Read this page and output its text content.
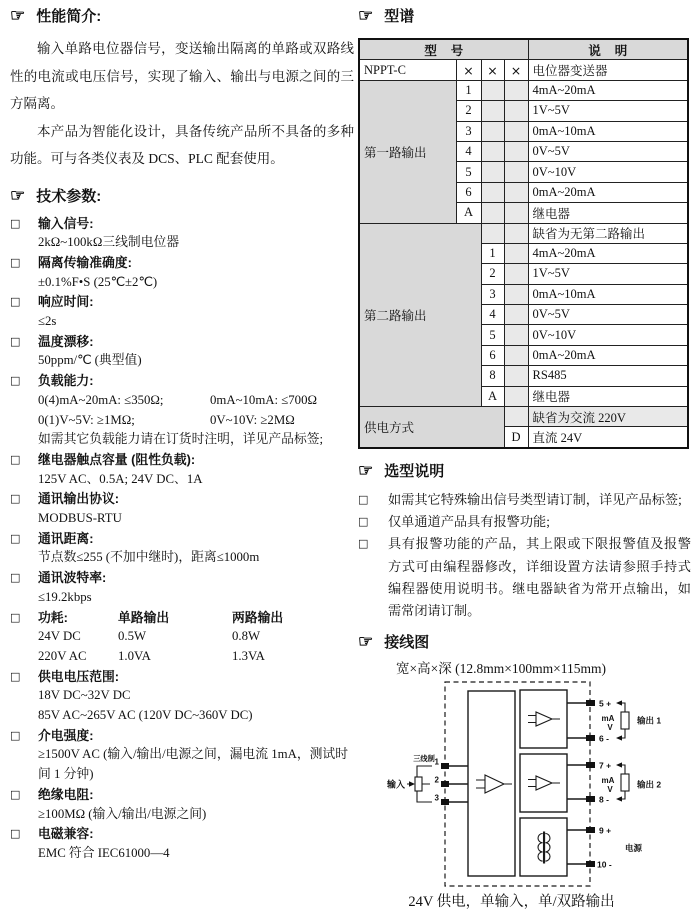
☞ 性能简介:

输入单路电位器信号，变送输出隔离的单路或双路线性的电流或电压信号，实现了输入、输出与电源之间的三方隔离。

本产品为智能化设计，具备传统产品所不具备的多种功能。可与各类仪表及 DCS、PLC 配套使用。

☞ 技术参数:
□	输入信号:
2kΩ~100kΩ三线制电位器
□	隔离传输准确度:
±0.1%F•S (25℃±2℃)
□	响应时间:
≤2s
□	温度漂移:
50ppm/℃ (典型值)
□	负载能力:
0(4)mA~20mA: ≤350Ω;	0mA~10mA: ≤700Ω
0(1)V~5V: ≥1MΩ;	0V~10V: ≥2MΩ
如需其它负载能力请在订货时注明，详见产品标签;
□	继电器触点容量 (阻性负载):
125V AC、0.5A; 24V DC、1A
□	通讯输出协议:
MODBUS-RTU
□	通讯距离:
节点数≤255 (不加中继时)，距离≤1000m
□	通讯波特率:
≤19.2kbps
□	功耗:	单路输出	两路输出
24V DC	0.5W	0.8W
220V AC 1.0VA	1.3VA
□	供电电压范围:
18V DC~32V DC
85V AC~265V AC (120V DC~360V DC)
□	介电强度:
≥1500V AC (输入/输出/电源之间，漏电流 1mA，测试时间 1 分钟)
□	绝缘电阻:
≥100MΩ (输入/输出/电源之间)
□	电磁兼容:
EMC 符合 IEC61000—4
☞ 型谱
型    号				说    明
NPPT-C	×	×	×	电位器变送器
第一路输出	1			4mA~20mA
	2			1V~5V
	3			0mA~10mA
	4			0V~5V
	5			0V~10V
	6			0mA~20mA
	A			继电器
第二路输出				缺省为无第二路输出
		1		4mA~20mA
		2		1V~5V
		3		0mA~10mA
		4		0V~5V
		5		0V~10V
		6		0mA~20mA
		8		RS485
		A		继电器
供电方式				缺省为交流 220V
			D	直流 24V
☞ 选型说明
□	如需其它特殊输出信号类型请订制，详见产品标签;
□	仅单通道产品具有报警功能;
□	具有报警功能的产品，其上限或下限报警值及报警方式可由编程器修改，详细设置方法请参照手持式编程器使用说明书。继电器缺省为常开点输出，如需常闭请订制。
☞ 接线图
宽×高×深 (12.8mm×100mm×115mm)
1
2
3
三线制
输入
5 +
6 -
7 +
8 -
9 +
10 -
mA
V
输出 1
mA
V	输出 2
电源
24V 供电，单输入，单/双路输出
